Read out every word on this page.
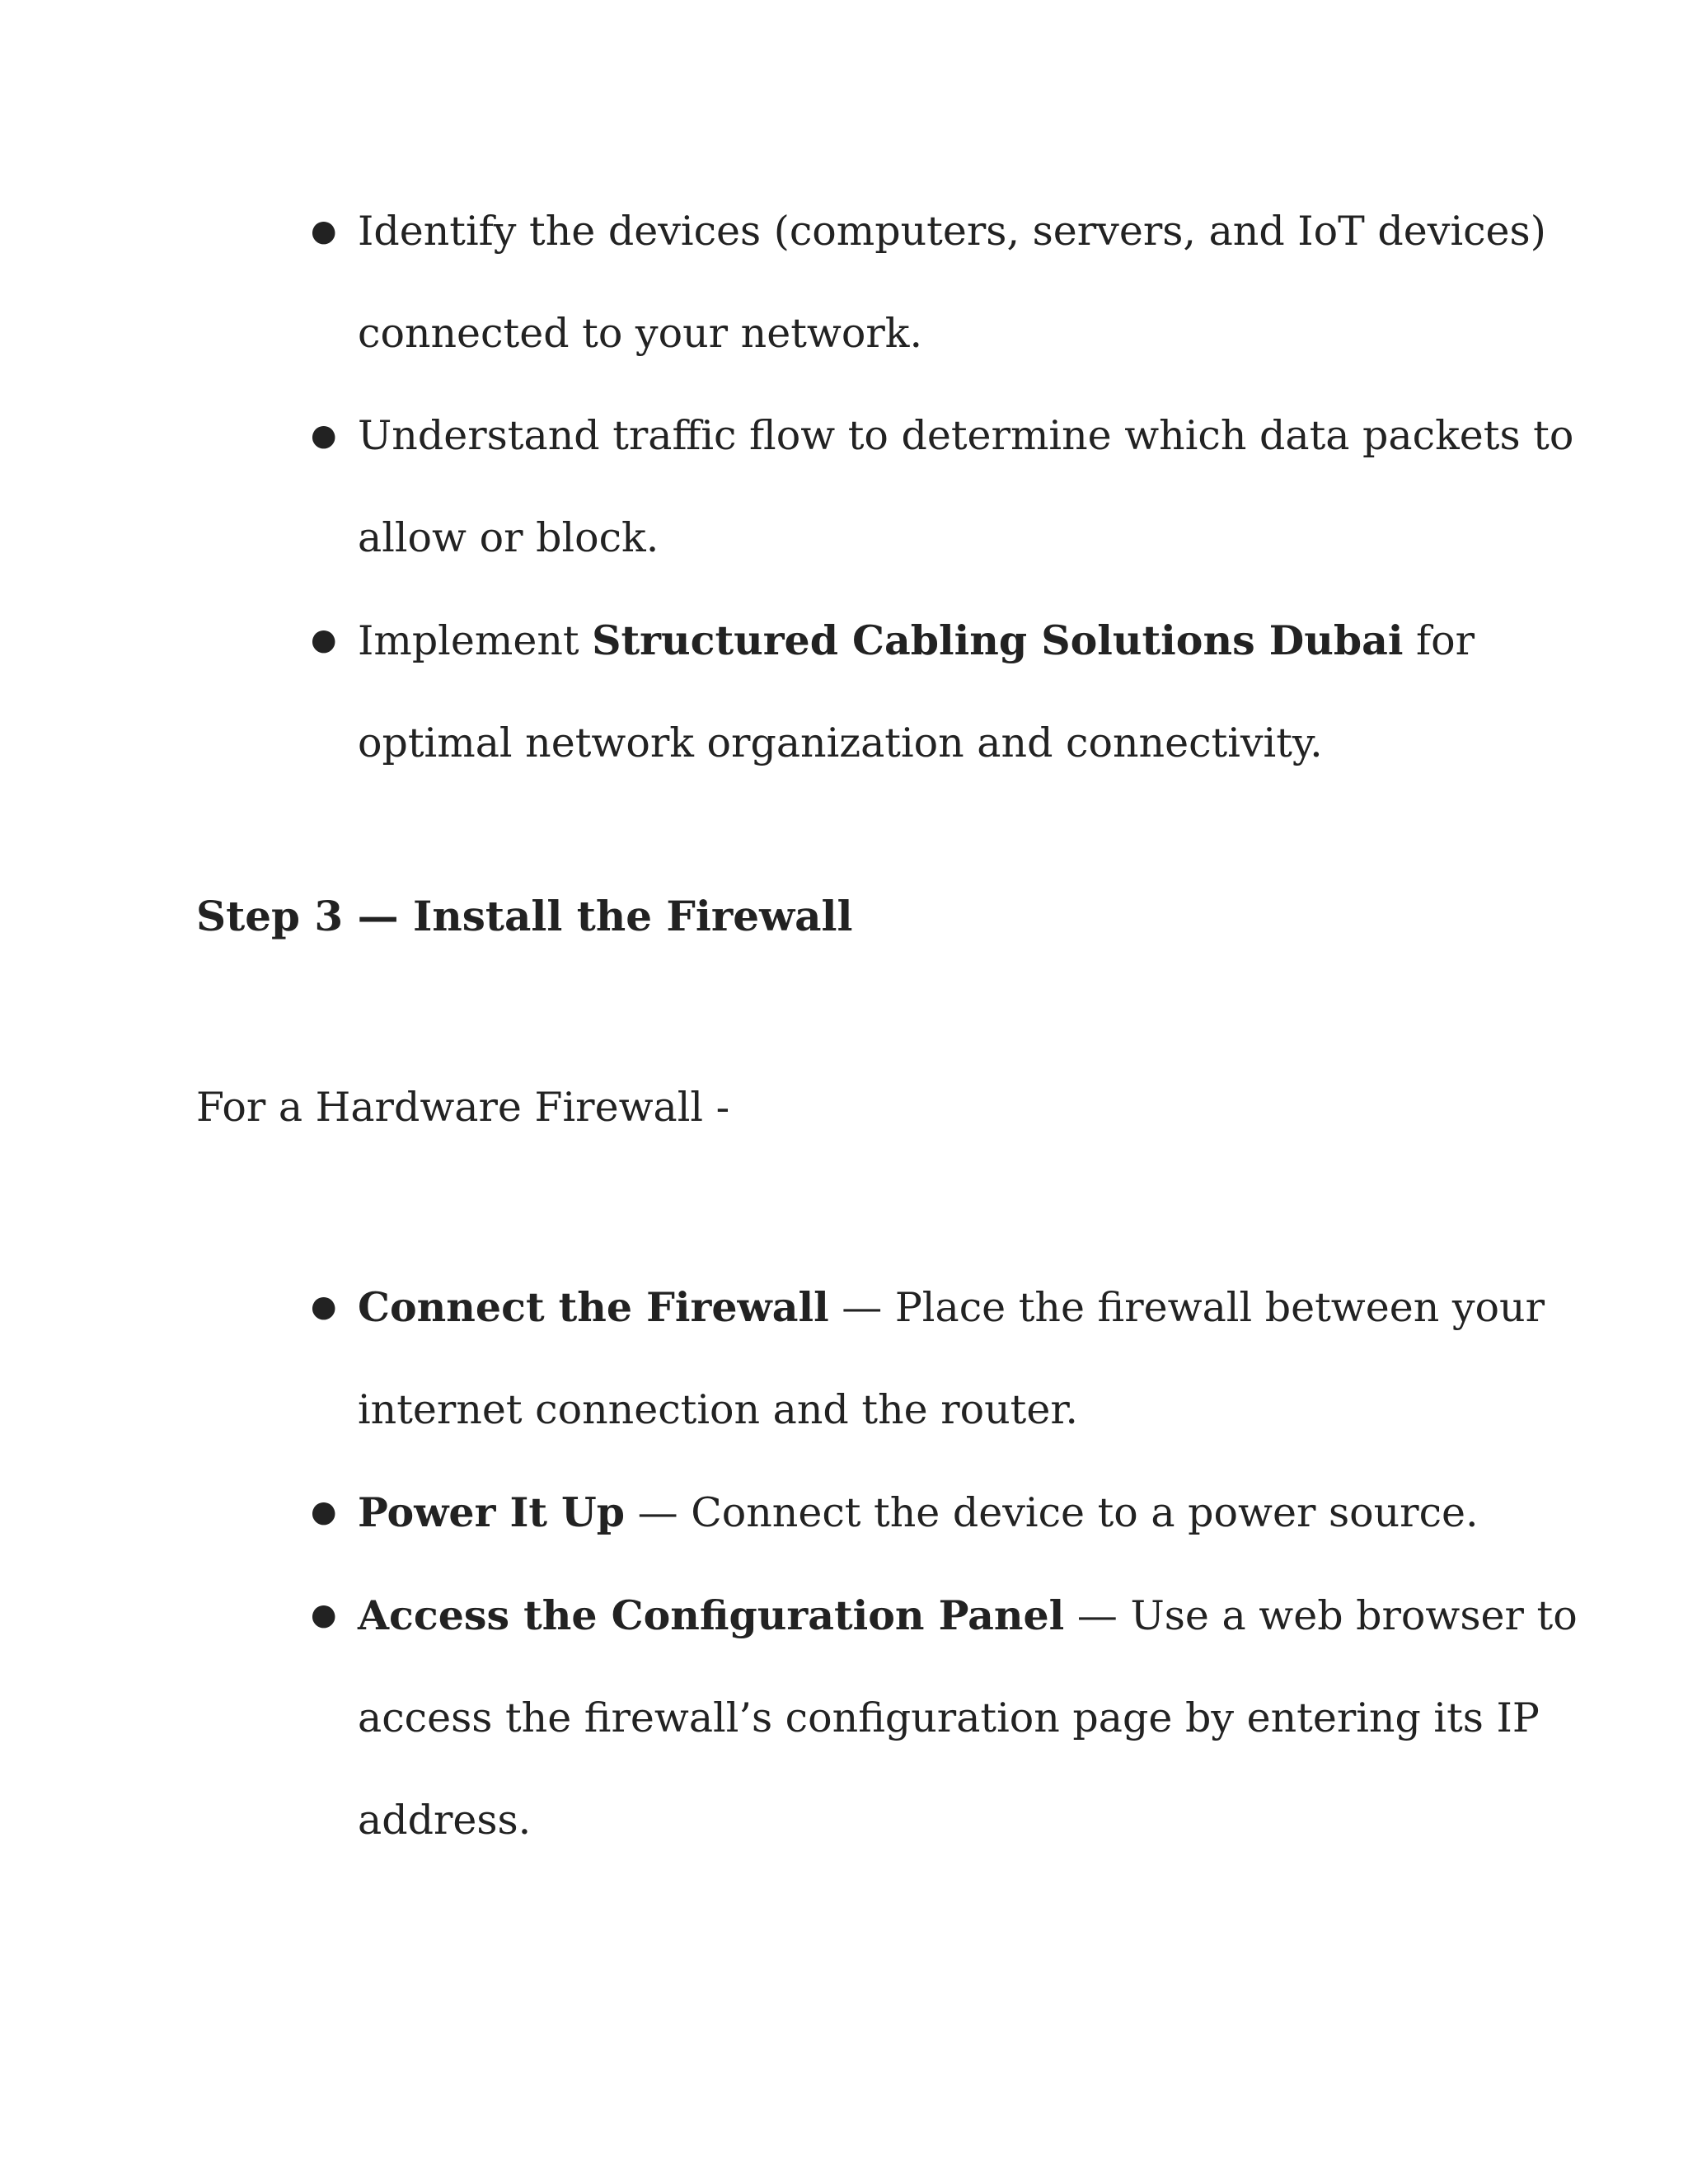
● Identify the devices (computers, servers, and IoT devices)
connected to your network.
● Understand traffic flow to determine which data packets to
allow or block.
● Implement Structured Cabling Solutions Dubai for
optimal network organization and connectivity.
Step 3 — Install the Firewall

For a Hardware Firewall -

● Connect the Firewall — Place the firewall between your
internet connection and the router.
● Power It Up — Connect the device to a power source.
● Access the Configuration Panel — Use a web browser to
access the firewall’s configuration page by entering its IP
address.
